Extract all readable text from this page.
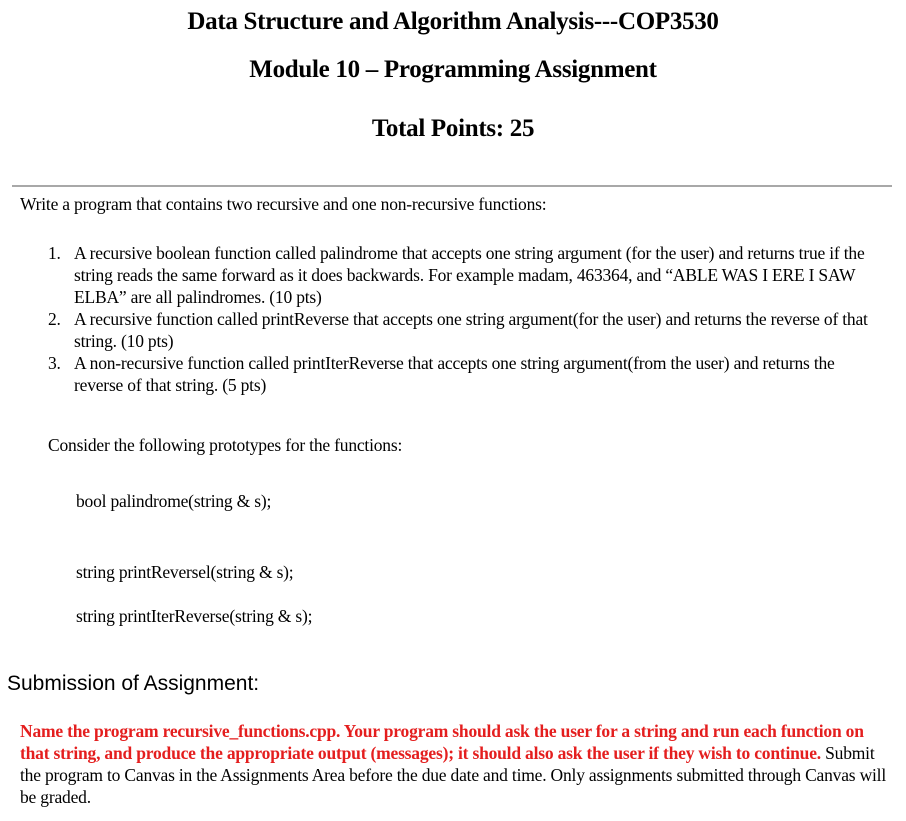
Data Structure and Algorithm Analysis---COP3530
Module 10 – Programming Assignment
Total Points: 25
Write a program that contains two recursive and one non-recursive functions:
1. A recursive boolean function called palindrome that accepts one string argument (for the user) and returns true if the string reads the same forward as it does backwards. For example madam, 463364, and “ABLE WAS I ERE I SAW ELBA” are all palindromes. (10 pts)
2. A recursive function called printReverse that accepts one string argument(for the user) and returns the reverse of that string. (10 pts)
3. A non-recursive function called printIterReverse that accepts one string argument(from the user) and returns the reverse of that string. (5 pts)
Consider the following prototypes for the functions:
bool palindrome(string & s);
string printReversel(string & s);
string printIterReverse(string & s);
Submission of Assignment:
Name the program recursive_functions.cpp. Your program should ask the user for a string and run each function on that string, and produce the appropriate output (messages); it should also ask the user if they wish to continue. Submit the program to Canvas in the Assignments Area before the due date and time. Only assignments submitted through Canvas will be graded.
